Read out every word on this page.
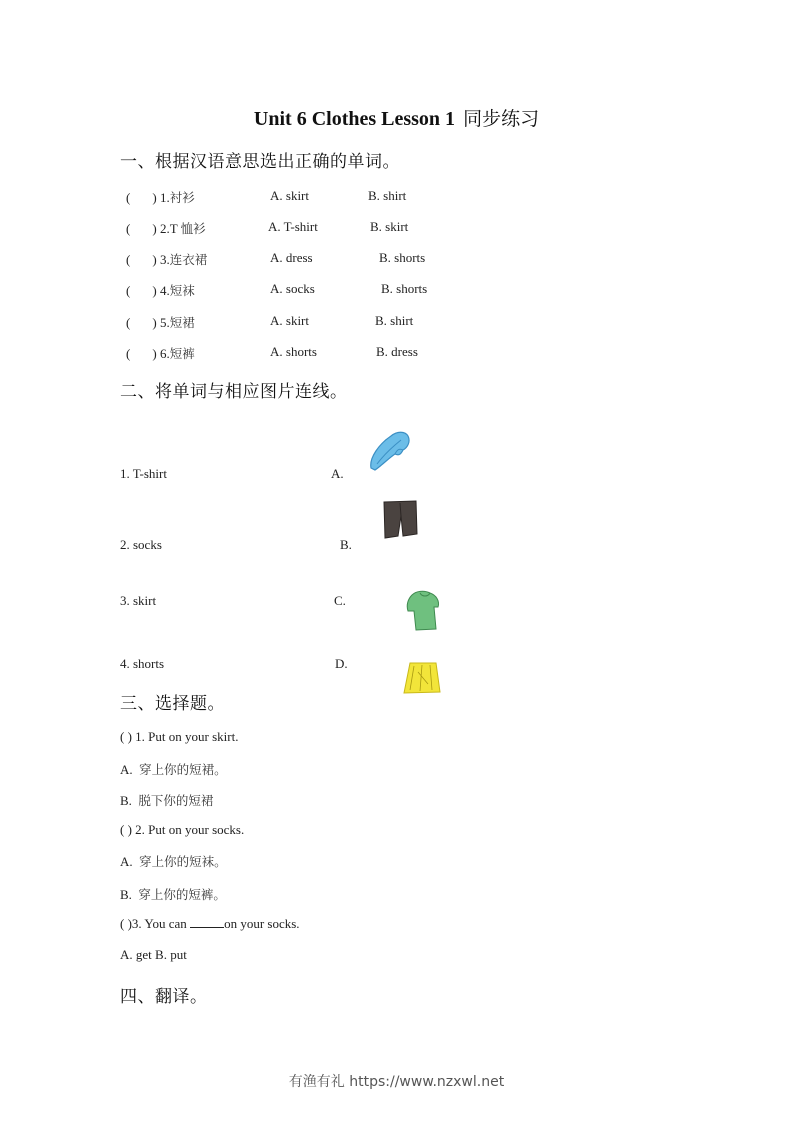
Unit 6 Clothes Lesson 1 同步练习
一、根据汉语意思选出正确的单词。
( ) 1.衬衫	A. skirt	B. shirt
( ) 2.T 恤衫	A. T-shirt	B. skirt
( ) 3.连衣裙	A. dress	B. shorts
( ) 4.短袜	A. socks	B. shorts
( ) 5.短裙	A. skirt	B. shirt
( ) 6.短裤	A. shorts	B. dress
二、将单词与相应图片连线。
1. T-shirt
2. socks
3. skirt
4. shorts
A.
B.
C.
D.
三、选择题。
( ) 1. Put on your skirt.
A. 穿上你的短裙。
B. 脱下你的短裙
( ) 2. Put on your socks.
A. 穿上你的短袜。
B. 穿上你的短裤。
( )3. You can	on your socks.
A. get B. put
四、翻译。
有渔有礼 https://www.nzxwl.net
